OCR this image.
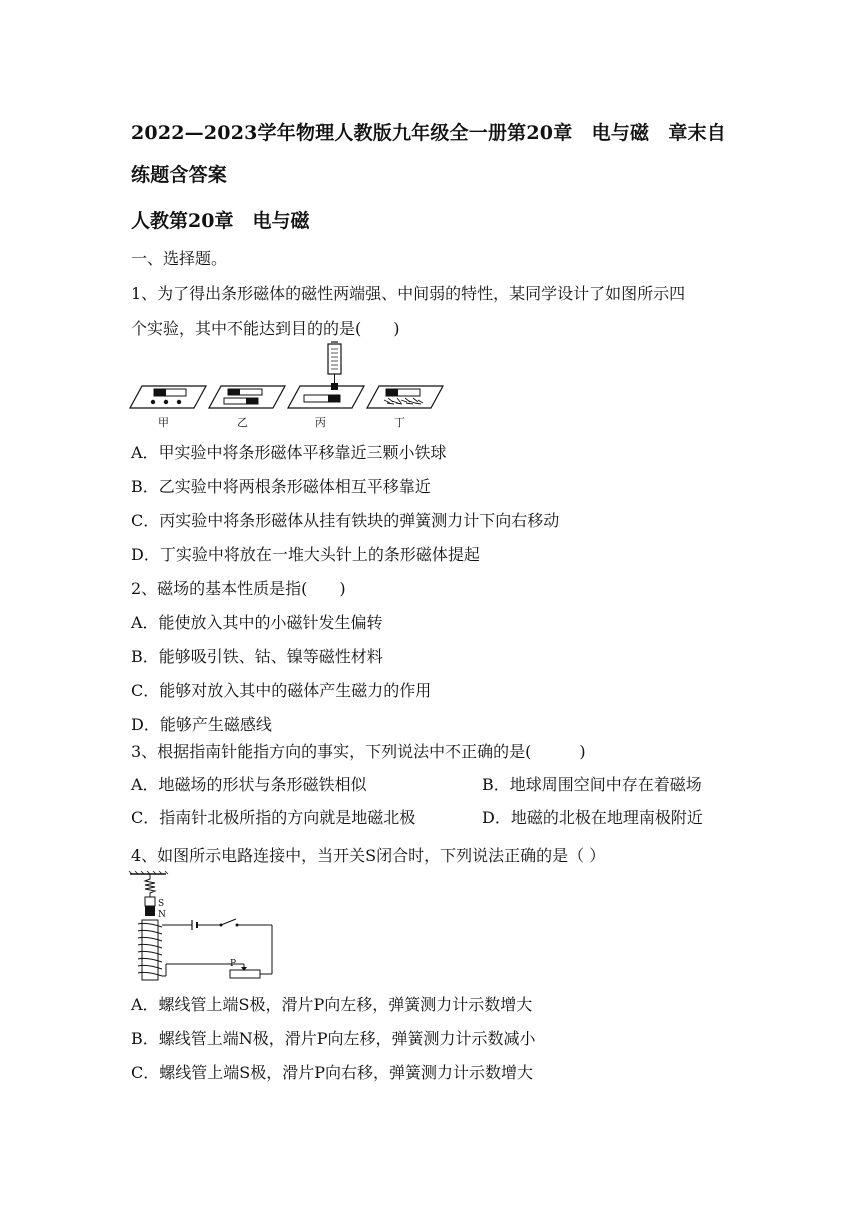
2022—2023学年物理人教版九年级全一册第20章　电与磁　章末自
练题含答案
人教第20章　电与磁
一、选择题。
1、为了得出条形磁体的磁性两端强、中间弱的特性，某同学设计了如图所示四
个实验，其中不能达到目的的是(　　)
甲	乙	丙	丁
A．甲实验中将条形磁体平移靠近三颗小铁球
B．乙实验中将两根条形磁体相互平移靠近
C．丙实验中将条形磁体从挂有铁块的弹簧测力计下向右移动
D．丁实验中将放在一堆大头针上的条形磁体提起
2、磁场的基本性质是指(　　)
A．能使放入其中的小磁针发生偏转
B．能够吸引铁、钴、镍等磁性材料
C．能够对放入其中的磁体产生磁力的作用
D．能够产生磁感线
3、根据指南针能指方向的事实，下列说法中不正确的是(　　　)
A．地磁场的形状与条形磁铁相似	B．地球周围空间中存在着磁场
C．指南针北极所指的方向就是地磁北极	D．地磁的北极在地理南极附近
4、如图所示电路连接中，当开关S闭合时，下列说法正确的是（ ）
S
N
P
A．螺线管上端S极，滑片P向左移，弹簧测力计示数增大
B．螺线管上端N极，滑片P向左移，弹簧测力计示数减小
C．螺线管上端S极，滑片P向右移，弹簧测力计示数增大
